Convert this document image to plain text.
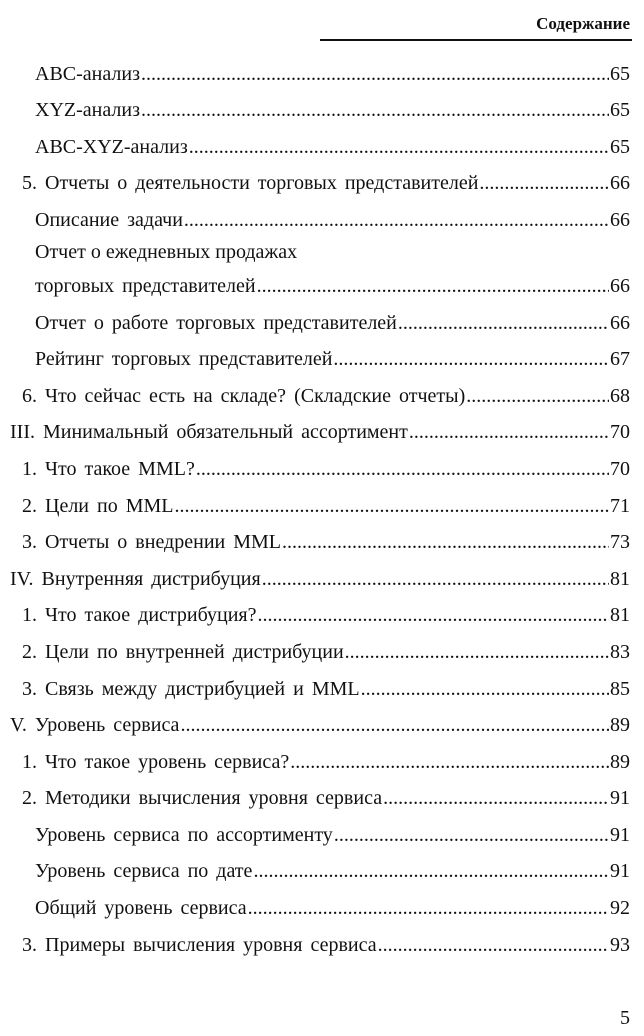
Содержание
ABC-анализ .....	65
XYZ-анализ .....	65
ABC-XYZ-анализ .....	65
5. Отчеты о деятельности торговых представителей .....	66
Описание задачи .....	66
Отчет о ежедневных продажах
торговых представителей .....	66
Отчет о работе торговых представителей .....	66
Рейтинг торговых представителей .....	67
6. Что сейчас есть на складе? (Складские отчеты) .....	68
III. Минимальный обязательный ассортимент .....	70
1. Что такое MML? .....	70
2. Цели по MML .....	71
3. Отчеты о внедрении MML .....	73
IV. Внутренняя дистрибуция .....	81
1. Что такое дистрибуция? .....	81
2. Цели по внутренней дистрибуции .....	83
3. Связь между дистрибуцией и MML .....	85
V. Уровень сервиса .....	89
1. Что такое уровень сервиса? .....	89
2. Методики вычисления уровня сервиса .....	91
Уровень сервиса по ассортименту .....	91
Уровень сервиса по дате .....	91
Общий уровень сервиса .....	92
3. Примеры вычисления уровня сервиса .....	93
5
